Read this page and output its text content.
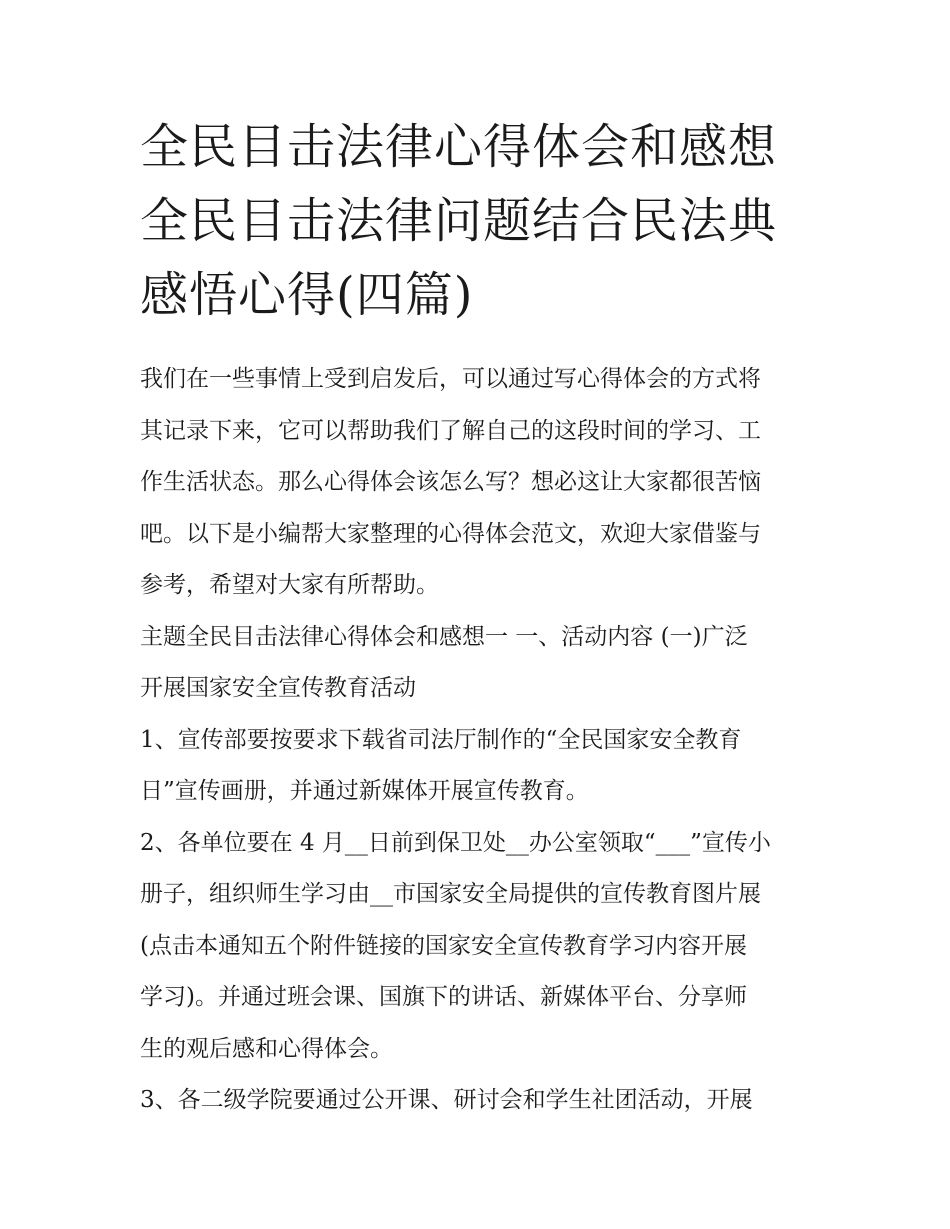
全民目击法律心得体会和感想
全民目击法律问题结合民法典
感悟心得(四篇)

我们在一些事情上受到启发后，可以通过写心得体会的方式将
其记录下来，它可以帮助我们了解自己的这段时间的学习、工
作生活状态。那么心得体会该怎么写？想必这让大家都很苦恼
吧。以下是小编帮大家整理的心得体会范文，欢迎大家借鉴与
参考，希望对大家有所帮助。

主题全民目击法律心得体会和感想一 一、活动内容 (一)广泛
开展国家安全宣传教育活动

1、宣传部要按要求下载省司法厅制作的“全民国家安全教育
日”宣传画册，并通过新媒体开展宣传教育。

2、各单位要在 4 月__日前到保卫处__办公室领取“___”宣传小
册子，组织师生学习由__市国家安全局提供的宣传教育图片展
(点击本通知五个附件链接的国家安全宣传教育学习内容开展
学习)。并通过班会课、国旗下的讲话、新媒体平台、分享师
生的观后感和心得体会。

3、各二级学院要通过公开课、研讨会和学生社团活动，开展
